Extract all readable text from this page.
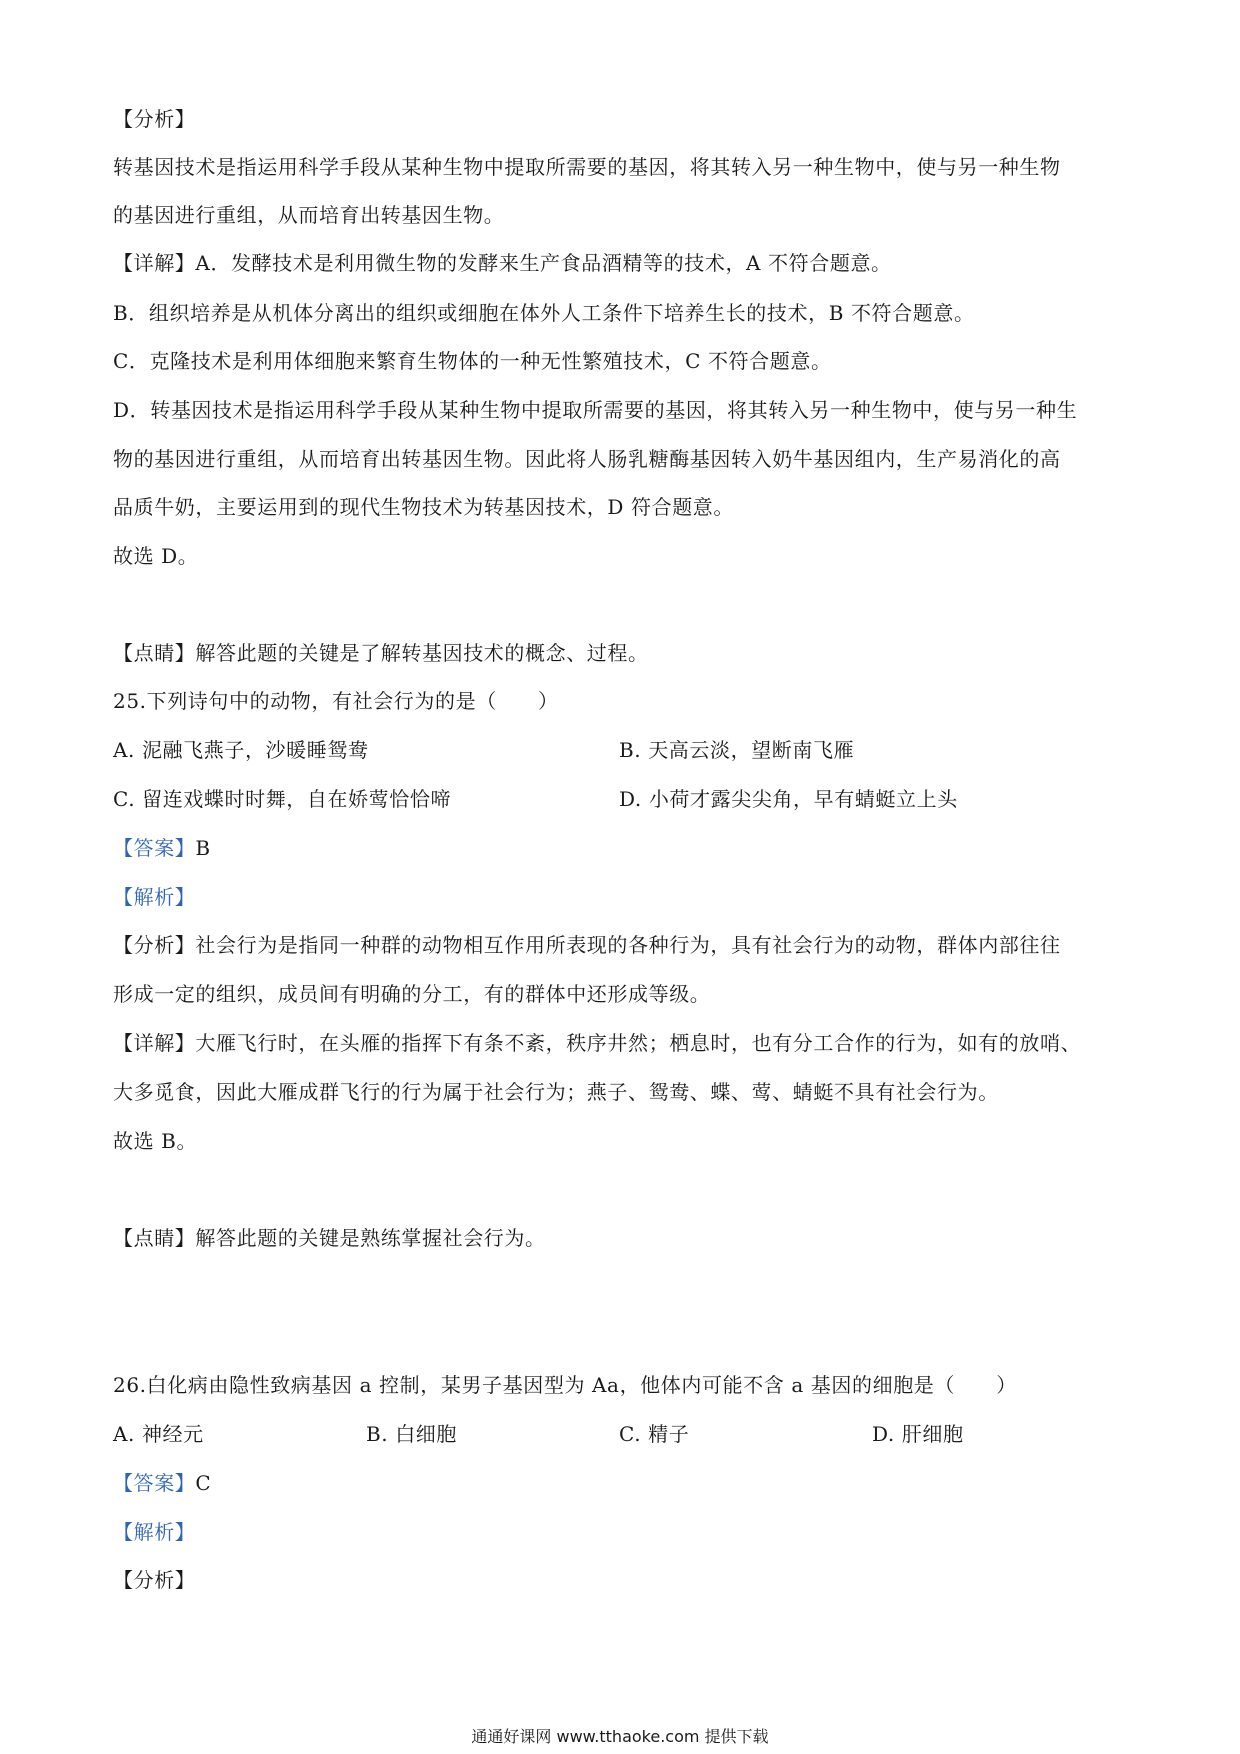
【分析】
转基因技术是指运用科学手段从某种生物中提取所需要的基因，将其转入另一种生物中，使与另一种生物
的基因进行重组，从而培育出转基因生物。
【详解】A．发酵技术是利用微生物的发酵来生产食品酒精等的技术，A 不符合题意。
B．组织培养是从机体分离出的组织或细胞在体外人工条件下培养生长的技术，B 不符合题意。
C．克隆技术是利用体细胞来繁育生物体的一种无性繁殖技术，C 不符合题意。
D．转基因技术是指运用科学手段从某种生物中提取所需要的基因，将其转入另一种生物中，使与另一种生
物的基因进行重组，从而培育出转基因生物。因此将人肠乳糖酶基因转入奶牛基因组内，生产易消化的高
品质牛奶，主要运用到的现代生物技术为转基因技术，D 符合题意。
故选 D。
【点睛】解答此题的关键是了解转基因技术的概念、过程。
25.下列诗句中的动物，有社会行为的是（　　）
A. 泥融飞燕子，沙暖睡鸳鸯	B. 天高云淡，望断南飞雁
C. 留连戏蝶时时舞，自在娇莺恰恰啼	D. 小荷才露尖尖角，早有蜻蜓立上头
【答案】B
【解析】
【分析】社会行为是指同一种群的动物相互作用所表现的各种行为，具有社会行为的动物，群体内部往往
形成一定的组织，成员间有明确的分工，有的群体中还形成等级。
【详解】大雁飞行时，在头雁的指挥下有条不紊，秩序井然；栖息时，也有分工合作的行为，如有的放哨、
大多觅食，因此大雁成群飞行的行为属于社会行为；燕子、鸳鸯、蝶、莺、蜻蜓不具有社会行为。
故选 B。
【点睛】解答此题的关键是熟练掌握社会行为。
26.白化病由隐性致病基因 a 控制，某男子基因型为 Aa，他体内可能不含 a 基因的细胞是（　　）
A. 神经元	B. 白细胞	C. 精子	D. 肝细胞
【答案】C
【解析】
【分析】
通通好课网 www.tthaoke.com 提供下载
